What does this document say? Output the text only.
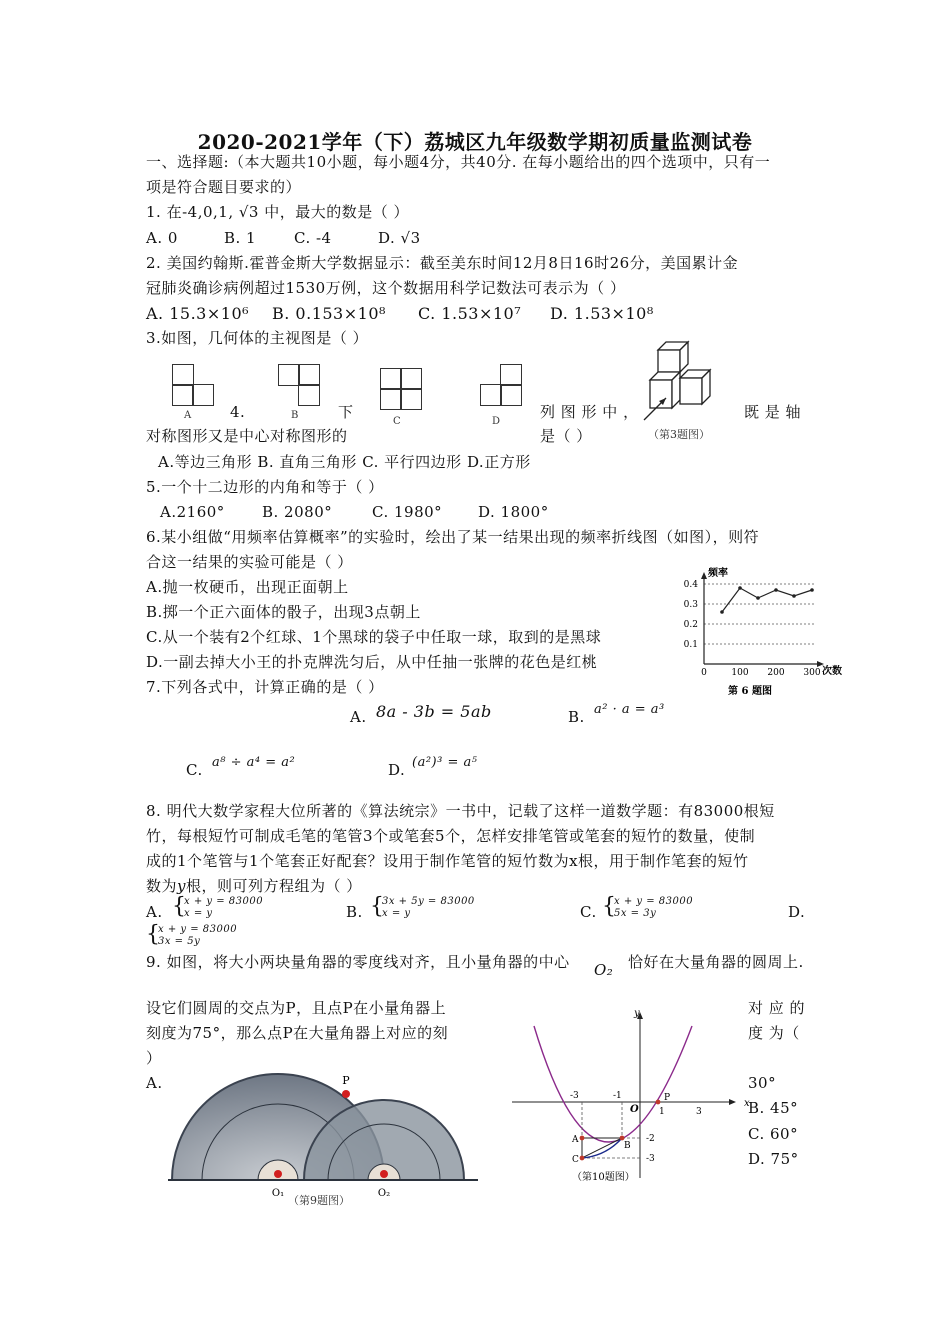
2020-2021学年（下）荔城区九年级数学期初质量监测试卷
一、选择题:（本大题共10小题，每小题4分，共40分. 在每小题给出的四个选项中，只有一
项是符合题目要求的）
1. 在-4,0,1, √3 中，最大的数是（ ）
A. 0	B. 1	C. -4	D. √3
2. 美国约翰斯.霍普金斯大学数据显示：截至美东时间12月8日16时26分，美国累计金
冠肺炎确诊病例超过1530万例，这个数据用科学记数法可表示为（ ）
A. 15.3×10⁶ B. 0.153×10⁸ C. 1.53×10⁷ D. 1.53×10⁸
3.如图，几何体的主视图是（ ）
A	B
C	D
（第3题图）
4.	下	列 图 形 中 ，	既 是 轴
对称图形又是中心对称图形的	是（ ）
A.等边三角形 B. 直角三角形 C. 平行四边形 D.正方形
5.一个十二边形的内角和等于（ ）
A.2160° B. 2080°	C. 1980° D. 1800°
6.某小组做“用频率估算概率”的实验时，绘出了某一结果出现的频率折线图（如图），则符
合这一结果的实验可能是（ ）
A.抛一枚硬币，出现正面朝上
B.掷一个正六面体的骰子，出现3点朝上
C.从一个装有2个红球、1个黑球的袋子中任取一球，取到的是黑球
D.一副去掉大小王的扑克牌洗匀后，从中任抽一张牌的花色是红桃
频率
次数
0.4
0.3
0.2
0.1
0	100 200 300
第 6 题图
7.下列各式中，计算正确的是（ ）
A. 8a - 3b = 5ab	B. a² · a = a³
C. a⁸ ÷ a⁴ = a²	D. (a²)³ = a⁵
8. 明代大数学家程大位所著的《算法统宗》一书中，记载了这样一道数学题：有83000根短
竹，每根短竹可制成毛笔的笔管3个或笔套5个，怎样安排笔管或笔套的短竹的数量，使制
成的1个笔管与1个笔套正好配套？设用于制作笔管的短竹数为x根，用于制作笔套的短竹
数为y根，则可列方程组为（ ）
A. {
x + y = 83000
x = y	B. {
3x + 5y = 83000
x = y	C. {
x + y = 83000
5x = 3y	D.
{
x + y = 83000
3x = 5y
9. 如图，将大小两块量角器的零度线对齐，且小量角器的中心 O₂ 恰好在大量角器的圆周上.
设它们圆周的交点为P，且点P在小量角器上	对 应 的
刻度为75°，那么点P在大量角器上对应的刻	度 为（
）
A.	30°
B. 45°
C. 60°
D. 75°
P
O₁	O₂
（第9题图）
y
x
O
-3	-1
1	3
P
A
B
C
-2
-3
（第10题图）
